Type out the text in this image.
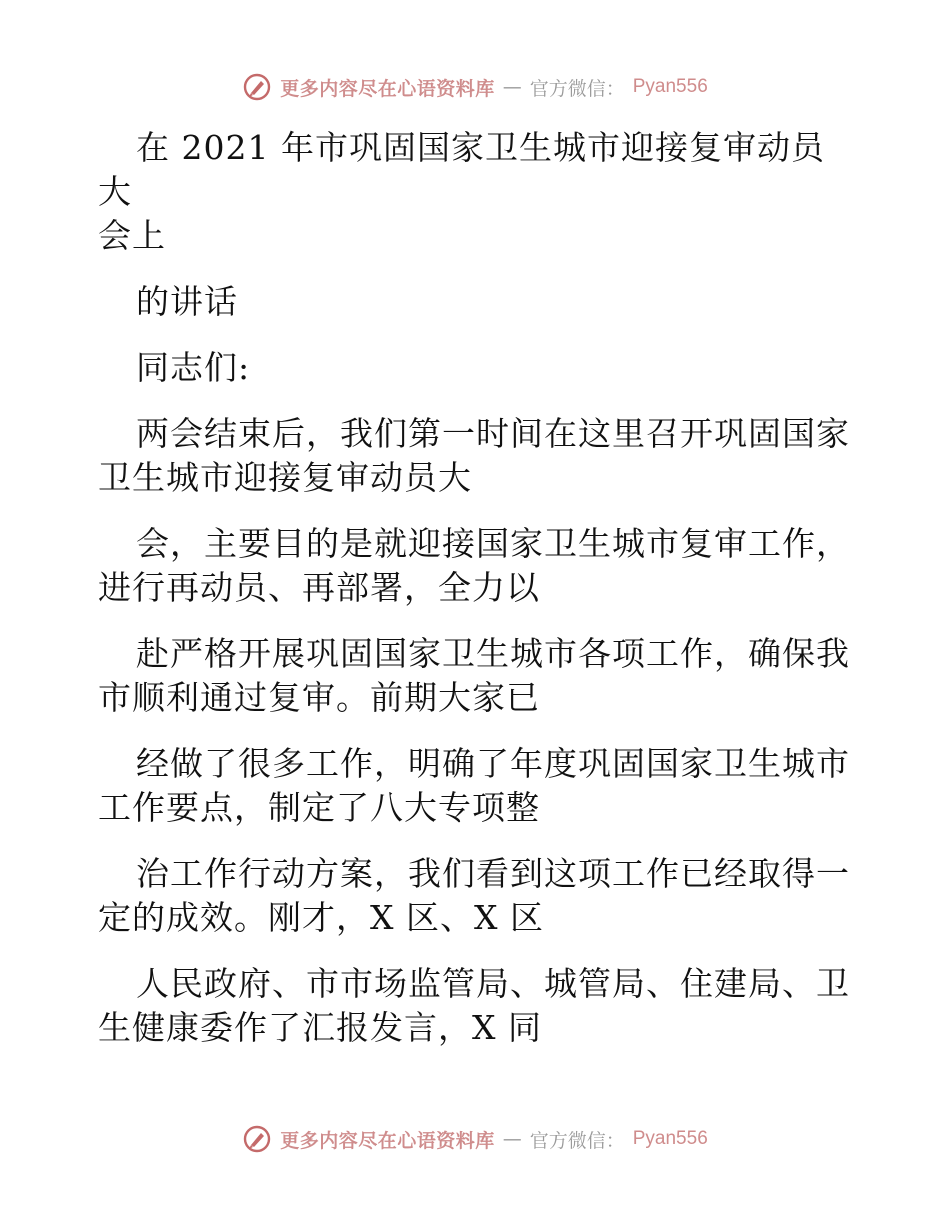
更多内容尽在心语资料库 — 官方微信： Pyan556

在 2021 年市巩固国家卫生城市迎接复审动员大
会上

的讲话

同志们:

两会结束后，我们第一时间在这里召开巩固国家
卫生城市迎接复审动员大

会，主要目的是就迎接国家卫生城市复审工作，
进行再动员、再部署，全力以

赴严格开展巩固国家卫生城市各项工作，确保我
市顺利通过复审。前期大家已

经做了很多工作，明确了年度巩固国家卫生城市
工作要点，制定了八大专项整

治工作行动方案，我们看到这项工作已经取得一
定的成效。刚才，X 区、X 区

人民政府、市市场监管局、城管局、住建局、卫
生健康委作了汇报发言，X 同

更多内容尽在心语资料库 — 官方微信： Pyan556
